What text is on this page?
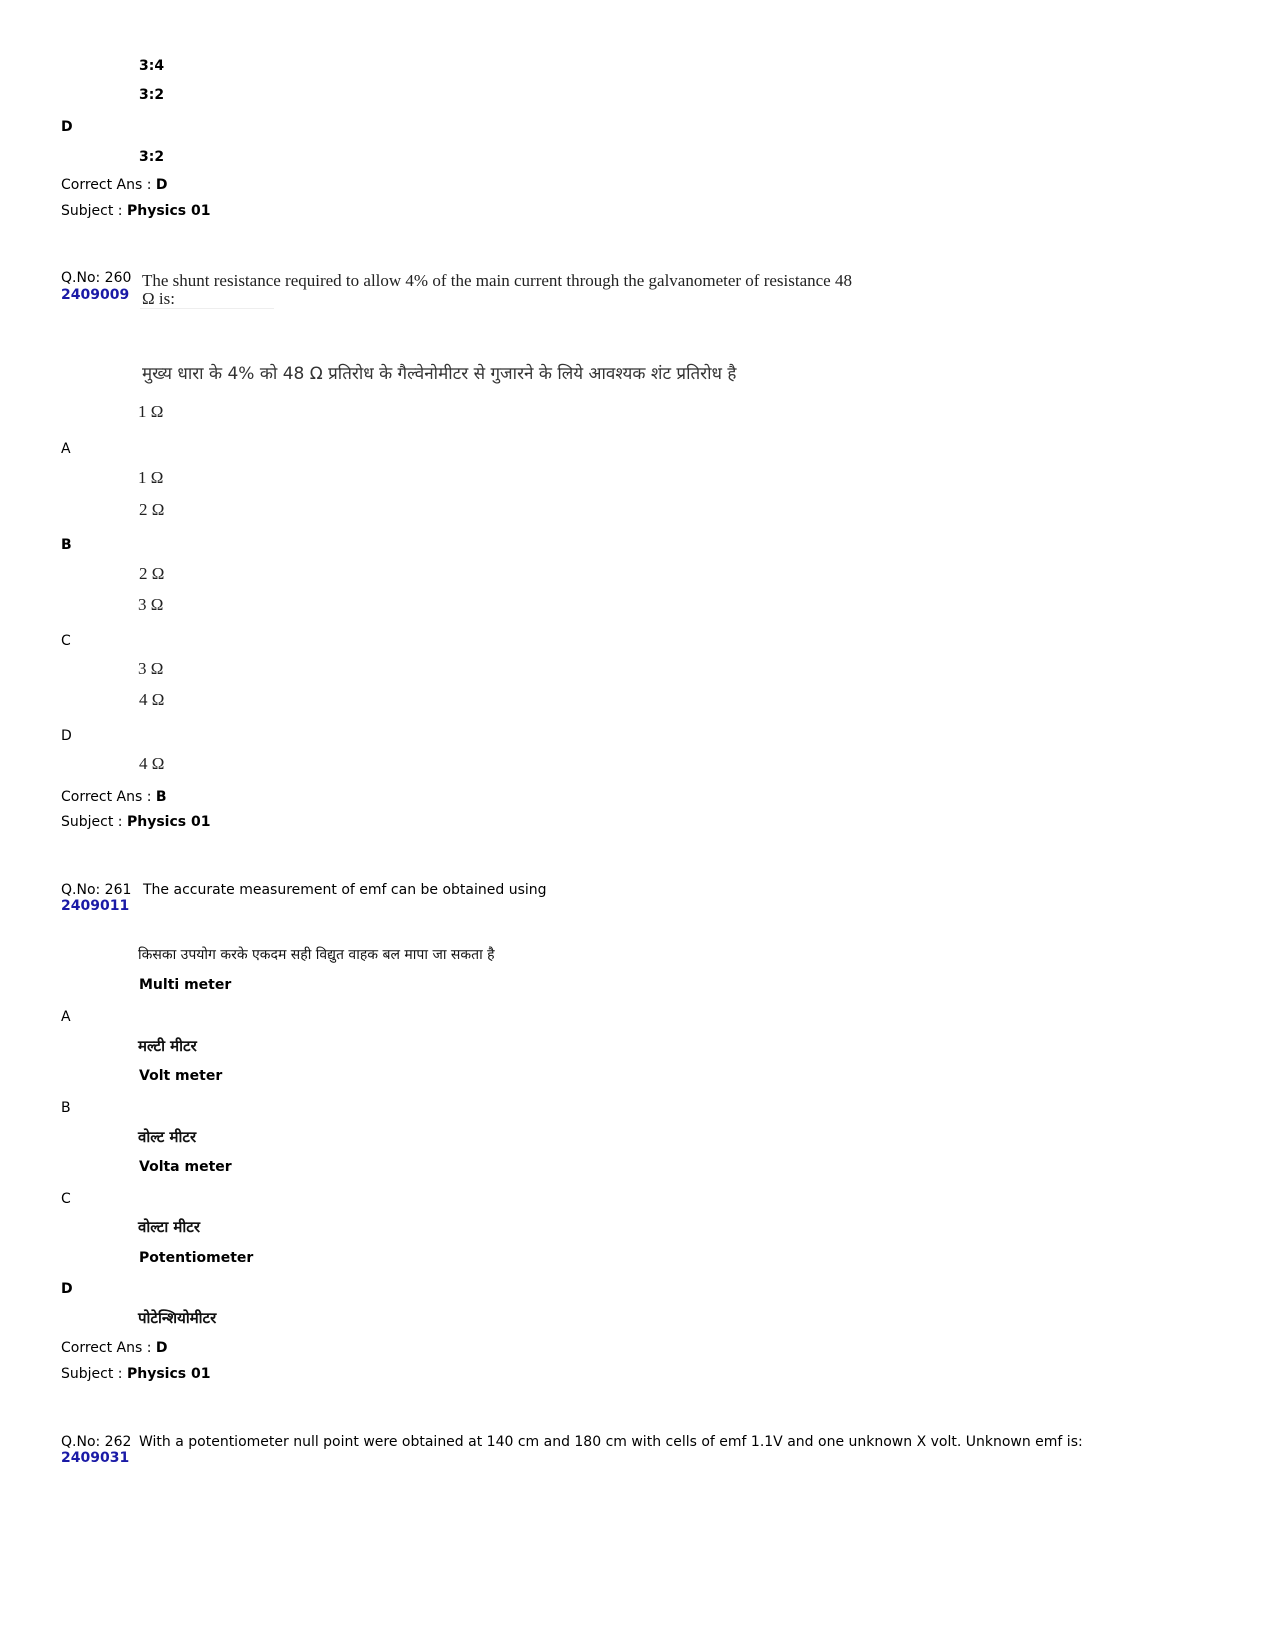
3:4
3:2
D
3:2
Correct Ans : D
Subject : Physics 01
Q.No: 260
2409009
The shunt resistance required to allow 4% of the main current through the galvanometer of resistance 48
Ω is:
मुख्य धारा के 4% को 48 Ω प्रतिरोध के गैल्वेनोमीटर से गुजारने के लिये आवश्यक शंट प्रतिरोध है
1 Ω
A
1 Ω
2 Ω
B
2 Ω
3 Ω
C
3 Ω
4 Ω
D
4 Ω
Correct Ans : B
Subject : Physics 01
Q.No: 261
2409011
The accurate measurement of emf can be obtained using
किसका उपयोग करके एकदम सही विद्युत वाहक बल मापा जा सकता है
Multi meter
A
मल्टी मीटर
Volt meter
B
वोल्ट मीटर
Volta meter
C
वोल्टा मीटर
Potentiometer
D
पोटेन्शियोमीटर
Correct Ans : D
Subject : Physics 01
Q.No: 262
2409031
With a potentiometer null point were obtained at 140 cm and 180 cm with cells of emf 1.1V and one unknown X volt. Unknown emf is:
